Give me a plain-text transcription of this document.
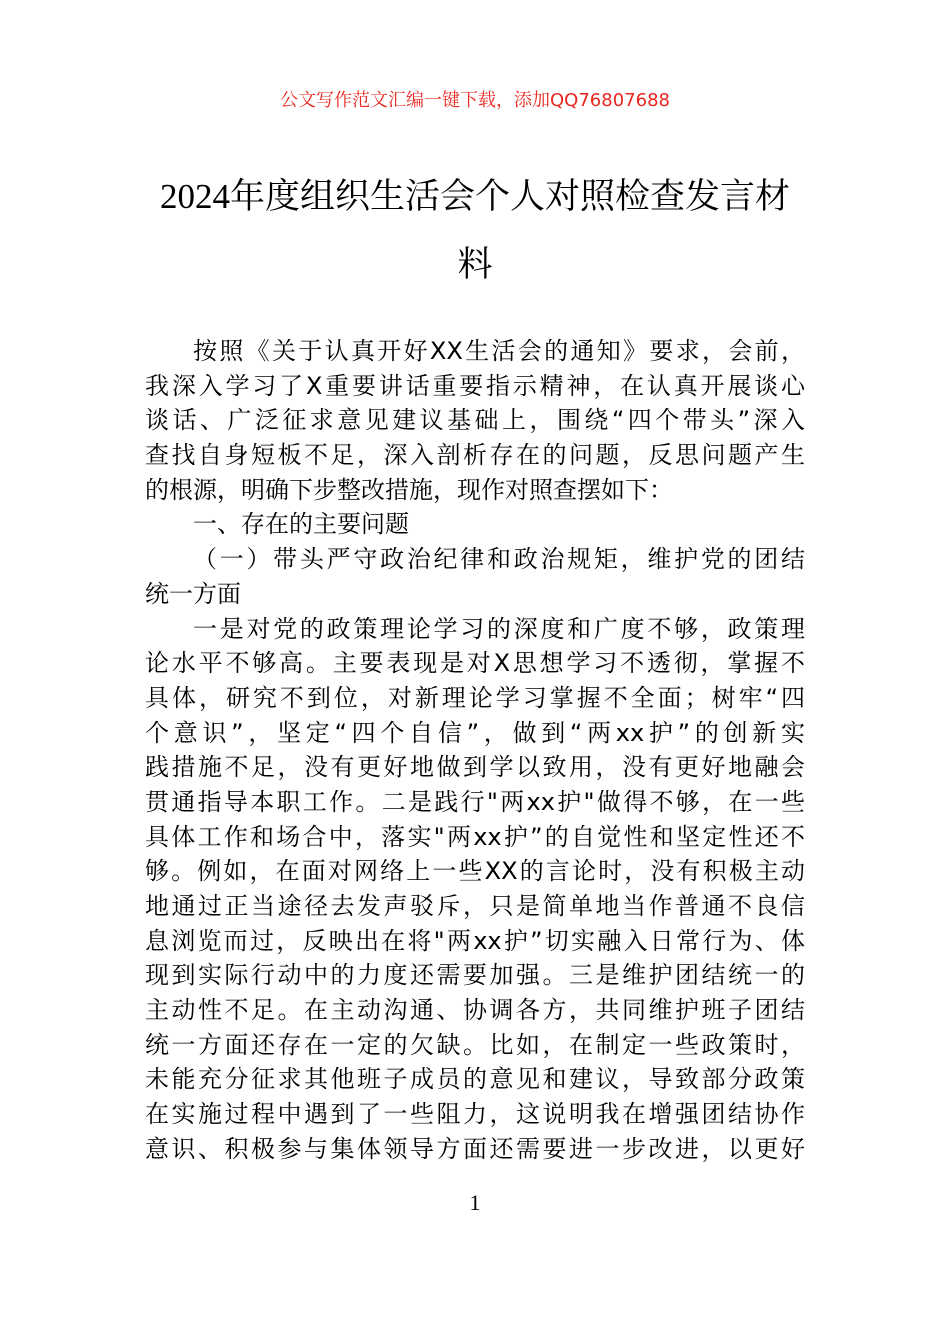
公文写作范文汇编一键下载，添加QQ76807688
2024年度组织生活会个人对照检查发言材
料
按照《关于认真开好XX生活会的通知》要求，会前，
我深入学习了X重要讲话重要指示精神，在认真开展谈心
谈话、广泛征求意见建议基础上，围绕“四个带头”深入
查找自身短板不足，深入剖析存在的问题，反思问题产生
的根源，明确下步整改措施，现作对照查摆如下：
一、存在的主要问题
（一）带头严守政治纪律和政治规矩，维护党的团结
统一方面
一是对党的政策理论学习的深度和广度不够，政策理
论水平不够高。主要表现是对X思想学习不透彻，掌握不
具体，研究不到位，对新理论学习掌握不全面；树牢“四
个意识”，坚定“四个自信”，做到“两xx护”的创新实
践措施不足，没有更好地做到学以致用，没有更好地融会
贯通指导本职工作。二是践行"两xx护"做得不够，在一些
具体工作和场合中，落实"两xx护”的自觉性和坚定性还不
够。例如，在面对网络上一些XX的言论时，没有积极主动
地通过正当途径去发声驳斥，只是简单地当作普通不良信
息浏览而过，反映出在将"两xx护”切实融入日常行为、体
现到实际行动中的力度还需要加强。三是维护团结统一的
主动性不足。在主动沟通、协调各方，共同维护班子团结
统一方面还存在一定的欠缺。比如，在制定一些政策时，
未能充分征求其他班子成员的意见和建议，导致部分政策
在实施过程中遇到了一些阻力，这说明我在增强团结协作
意识、积极参与集体领导方面还需要进一步改进，以更好
1
